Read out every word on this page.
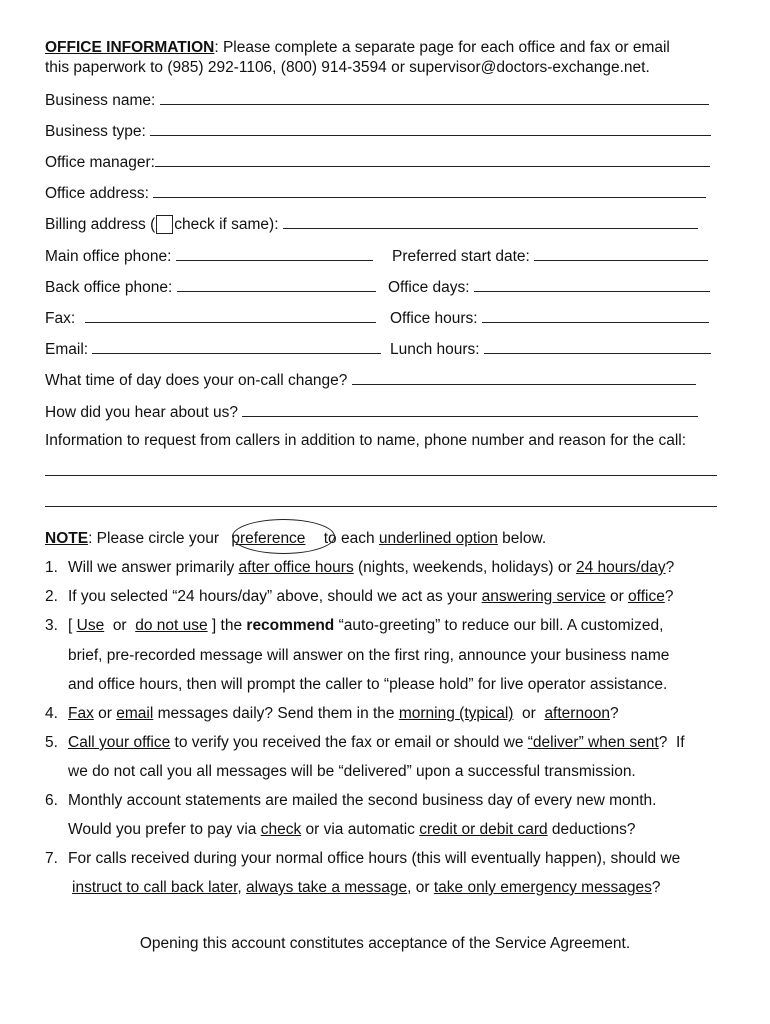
OFFICE INFORMATION: Please complete a separate page for each office and fax or email
this paperwork to (985) 292-1106, (800) 914-3594 or supervisor@doctors-exchange.net.
Business name:
Business type:
Office manager:
Office address:
Billing address ( check if same):
Main office phone:	Preferred start date:
Back office phone:	Office days:
Fax:	Office hours:
Email:	Lunch hours:
What time of day does your on-call change?
How did you hear about us?
Information to request from callers in addition to name, phone number and reason for the call:
NOTE: Please circle your preference to each underlined option below.
1. Will we answer primarily after office hours (nights, weekends, holidays) or 24 hours/day?
2. If you selected “24 hours/day” above, should we act as your answering service or office?
3. [ Use  or  do not use ] the recommend “auto-greeting” to reduce our bill. A customized,
brief, pre-recorded message will answer on the first ring, announce your business name
and office hours, then will prompt the caller to “please hold” for live operator assistance.
4. Fax or email messages daily? Send them in the morning (typical)  or  afternoon?
5. Call your office to verify you received the fax or email or should we “deliver” when sent?  If
we do not call you all messages will be “delivered” upon a successful transmission.
6. Monthly account statements are mailed the second business day of every new month.
Would you prefer to pay via check or via automatic credit or debit card deductions?
7. For calls received during your normal office hours (this will eventually happen), should we
instruct to call back later, always take a message, or take only emergency messages?
Opening this account constitutes acceptance of the Service Agreement.
